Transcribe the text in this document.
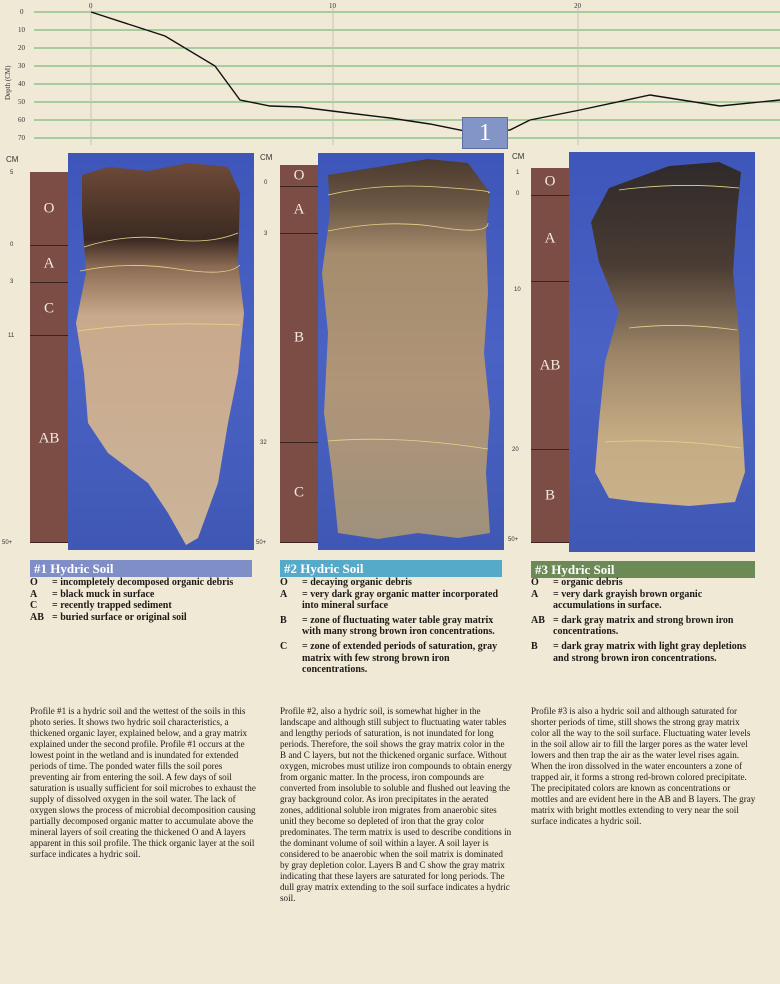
0
10
20
30
40
50
60
70
0	10	20
Depth (CM)
1
CM
5
0
3
11
50+
O
A
C
AB
#1 Hydric Soil
O	= incompletely decomposed organic debris
A	= black muck in surface
C	= recently trapped sediment
AB = buried surface or original soil
Profile #1 is a hydric soil and the wettest of the soils in this photo series. It shows two hydric soil characteristics, a thickened organic layer, explained below, and a gray matrix explained under the second profile. Profile #1 occurs at the lowest point in the wetland and is inundated for extended periods of time. The ponded water fills the soil pores preventing air from entering the soil. A few days of soil saturation is usually sufficient for soil microbes to exhaust the supply of dissolved oxygen in the soil water. The lack of oxygen slows the process of microbial decomposition causing partially decomposed organic matter to accumulate above the mineral layers of soil creating the thickened O and A layers apparent in this soil profile. The thick organic layer at the soil surface indicates a hydric soil.
CM
0
3
32
50+
O
A
B
C
#2 Hydric Soil
O	= decaying organic debris
A	= very dark gray organic matter incorporated into mineral surface
B	= zone of fluctuating water table gray matrix with many strong brown iron concentrations.
C	= zone of extended periods of saturation, gray matrix with few strong brown iron concentrations.
Profile #2, also a hydric soil, is somewhat higher in the landscape and although still subject to fluctuating water tables and lengthy periods of saturation, is not inundated for long periods. Therefore, the soil shows the gray matrix color in the B and C layers, but not the thickened organic surface. Without oxygen, microbes must utilize iron compounds to obtain energy from organic matter. In the process, iron compounds are converted from insoluble to soluble and flushed out leaving the gray background color. As iron precipitates in the aerated zones, additional soluble iron migrates from anaerobic sites unitl they become so depleted of iron that the gray color predominates. The term matrix is used to describe conditions in the dominant volume of soil within a layer. A soil layer is considered to be anaerobic when the soil matrix is dominated by gray depletion color. Layers B and C show the gray matrix indicating that these layers are saturated for long periods. The dull gray matrix extending to the soil surface indicates a hydric soil.
CM
1
0
10
20
50+
O
A
AB
B
#3 Hydric Soil
O	= organic debris
A	= very dark grayish brown organic accumulations in surface.
AB = dark gray matrix and strong brown iron concentrations.
B	= dark gray matrix with light gray depletions and strong brown iron concentrations.
Profile #3 is also a hydric soil and although saturated for shorter periods of time, still shows the strong gray matrix color all the way to the soil surface. Fluctuating water levels in the soil allow air to fill the larger pores as the water level lowers and then trap the air as the water level rises again. When the iron dissolved in the water encounters a zone of trapped air, it forms a strong red-brown colored precipitate. The precipitated colors are known as concentrations or mottles and are evident here in the AB and B layers. The gray matrix with bright mottles extending to very near the soil surface indicates a hydric soil.
